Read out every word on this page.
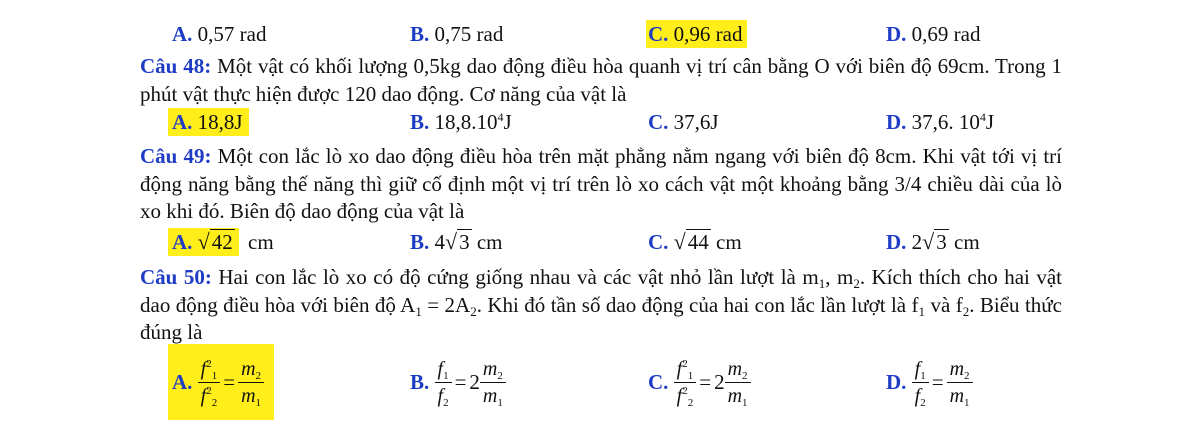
A. 0,57 rad	B. 0,75 rad	C. 0,96 rad	D. 0,69 rad
Câu 48: Một vật có khối lượng 0,5kg dao động điều hòa quanh vị trí cân bằng O với biên độ 69cm. Trong 1 phút vật thực hiện được 120 dao động. Cơ năng của vật là
A. 18,8J	B. 18,8.10$^4$J	C. 37,6J	D. 37,6. $10^4J$
Câu 49: Một con lắc lò xo dao động điều hòa trên mặt phẳng nằm ngang với biên độ 8cm. Khi vật tới vị trí động năng bằng thế năng thì giữ cố định một vị trí trên lò xo cách vật một khoảng bằng 3/4 chiều dài của lò xo khi đó. Biên độ dao động của vật là
A. √42 cm	B. 4√3 cm	C. √44 cm	D. 2√3 cm
Câu 50: Hai con lắc lò xo có độ cứng giống nhau và các vật nhỏ lần lượt là $m_1$, $m_2$. Kích thích cho hai vật dao động điều hòa với biên độ $A_1 = 2A_2$. Khi đó tần số dao động của hai con lắc lần lượt là $f_1$ và $f_2$. Biểu thức đúng là
A.
$\frac{f^2_1}{f^2_2} = \frac{m_2}{m_1}$	B.
$\frac{f_1}{f_2} = 2 \frac{m_2}{m_1}$	C.
$\frac{f^2_1}{f^2_2} = 2 \frac{m_2}{m_1}$	D.
$\frac{f_1}{f_2} = \frac{m_2}{m_1}$
